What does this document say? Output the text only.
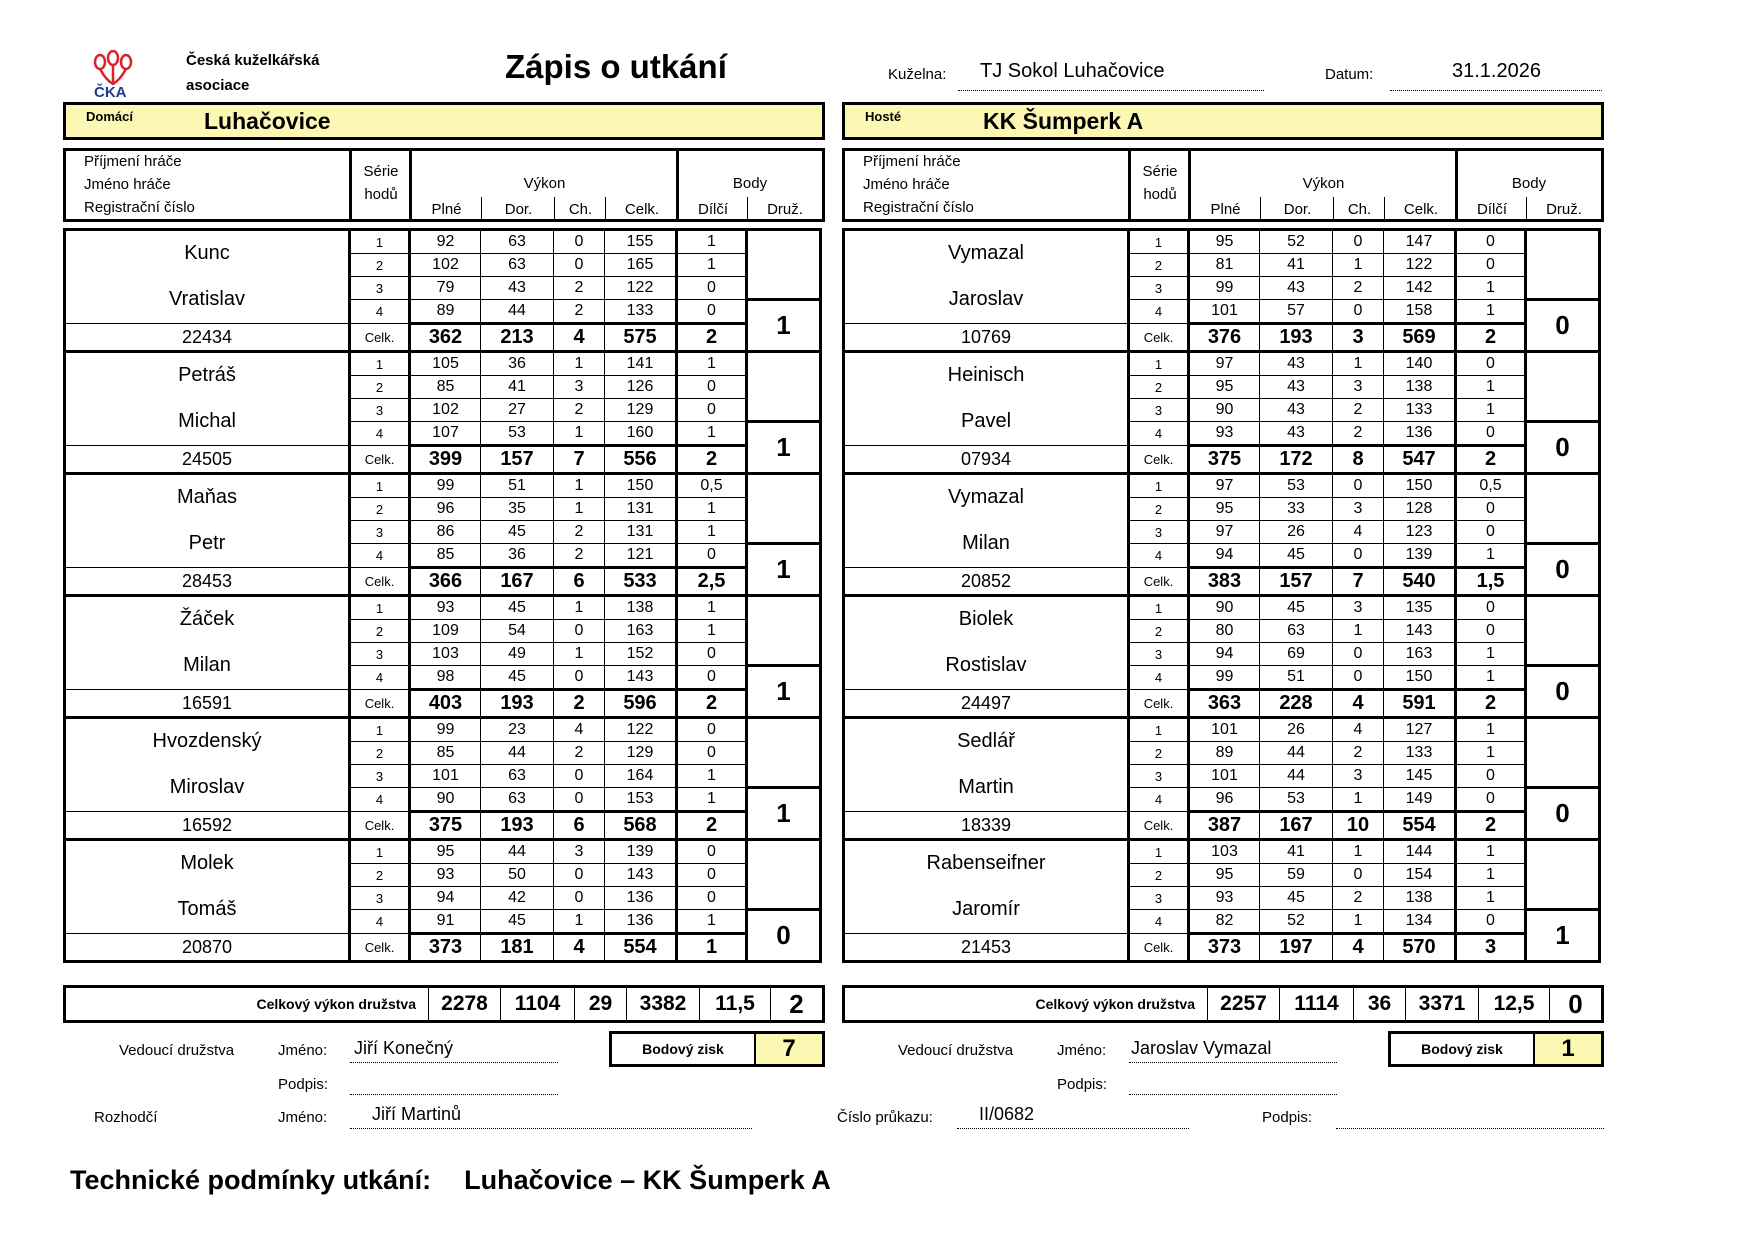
ČKA
Česká kuželkářská
asociace
Zápis o utkání	Kuželna: TJ Sokol Luhačovice	Datum:	31.1.2026
Domácí	Luhačovice	Hosté	KK Šumperk A
Příjmení hráče
Jméno hráče
Registrační číslo
Série
hodů
Výkon	Body
Plné	Dor.	Ch.	Celk.	Dílčí	Druž.
Příjmení hráče
Jméno hráče
Registrační číslo
Série
hodů
Výkon	Body
Plné	Dor.	Ch.	Celk.	Dílčí	Druž.
Kunc	1	92	63	0	155	1	
	2	102	63	0	165	1	
Vratislav	3	79	43	2	122	0	
	4	89	44	2	133	0	1
22434	Celk.	362	213	4	575	2	
Petráš	1	105	36	1	141	1	
	2	85	41	3	126	0	
Michal	3	102	27	2	129	0	
	4	107	53	1	160	1	1
24505	Celk.	399	157	7	556	2	
Maňas	1	99	51	1	150	0,5	
	2	96	35	1	131	1	
Petr	3	86	45	2	131	1	
	4	85	36	2	121	0	1
28453	Celk.	366	167	6	533	2,5	
Žáček	1	93	45	1	138	1	
	2	109	54	0	163	1	
Milan	3	103	49	1	152	0	
	4	98	45	0	143	0	1
16591	Celk.	403	193	2	596	2	
Hvozdenský	1	99	23	4	122	0	
	2	85	44	2	129	0	
Miroslav	3	101	63	0	164	1	
	4	90	63	0	153	1	1
16592	Celk.	375	193	6	568	2	
Molek	1	95	44	3	139	0	
	2	93	50	0	143	0	
Tomáš	3	94	42	0	136	0	
	4	91	45	1	136	1	0
20870	Celk.	373	181	4	554	1	
Vymazal	1	95	52	0	147	0	
	2	81	41	1	122	0	
Jaroslav	3	99	43	2	142	1	
	4	101	57	0	158	1	0
10769	Celk.	376	193	3	569	2	
Heinisch	1	97	43	1	140	0	
	2	95	43	3	138	1	
Pavel	3	90	43	2	133	1	
	4	93	43	2	136	0	0
07934	Celk.	375	172	8	547	2	
Vymazal	1	97	53	0	150	0,5	
	2	95	33	3	128	0	
Milan	3	97	26	4	123	0	
	4	94	45	0	139	1	0
20852	Celk.	383	157	7	540	1,5	
Biolek	1	90	45	3	135	0	
	2	80	63	1	143	0	
Rostislav	3	94	69	0	163	1	
	4	99	51	0	150	1	0
24497	Celk.	363	228	4	591	2	
Sedlář	1	101	26	4	127	1	
	2	89	44	2	133	1	
Martin	3	101	44	3	145	0	
	4	96	53	1	149	0	0
18339	Celk.	387	167	10	554	2	
Rabenseifner	1	103	41	1	144	1	
	2	95	59	0	154	1	
Jaromír	3	93	45	2	138	1	
	4	82	52	1	134	0	1
21453	Celk.	373	197	4	570	3	
Celkový výkon družstva	2278	1104	29	3382	11,5	2	Celkový výkon družstva	2257	1114	36	3371	12,5	0
Bodový zisk	7	Bodový zisk	1
Vedoucí družstva	Jméno: Jiří Konečný
Podpis:
Vedoucí družstva	Jméno: Jaroslav Vymazal
Podpis:
Rozhodčí	Jméno: Jiří Martinů	Číslo průkazu:	II/0682	Podpis:
Technické podmínky utkání: Luhačovice – KK Šumperk A
